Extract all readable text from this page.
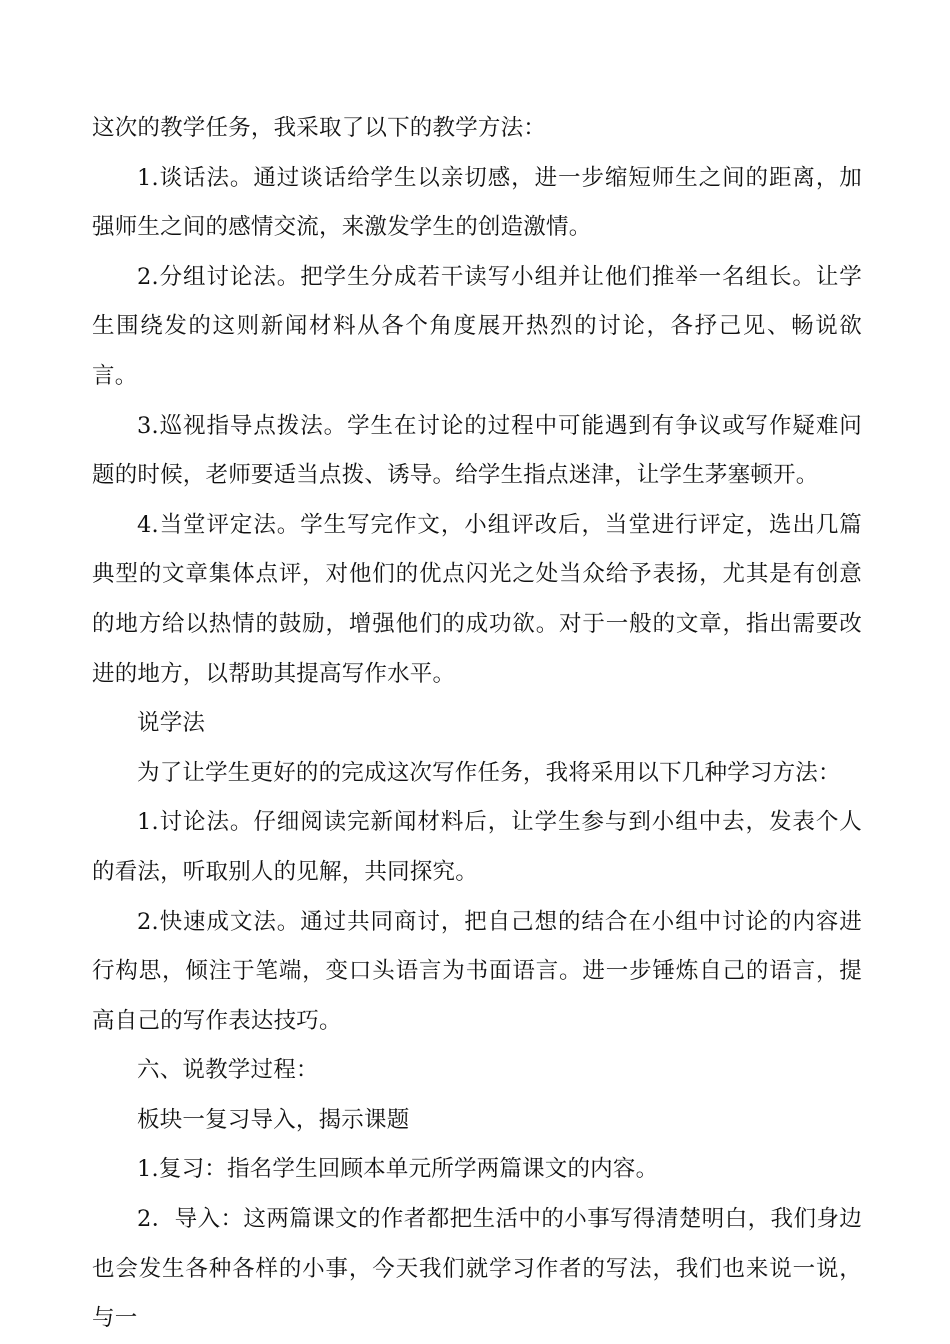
这次的教学任务，我采取了以下的教学方法：

1.谈话法。通过谈话给学生以亲切感，进一步缩短师生之间的距离，加强师生之间的感情交流，来激发学生的创造激情。

2.分组讨论法。把学生分成若干读写小组并让他们推举一名组长。让学生围绕发的这则新闻材料从各个角度展开热烈的讨论，各抒己见、畅说欲言。

3.巡视指导点拨法。学生在讨论的过程中可能遇到有争议或写作疑难问题的时候，老师要适当点拨、诱导。给学生指点迷津，让学生茅塞顿开。

4.当堂评定法。学生写完作文，小组评改后，当堂进行评定，选出几篇典型的文章集体点评，对他们的优点闪光之处当众给予表扬，尤其是有创意的地方给以热情的鼓励，增强他们的成功欲。对于一般的文章，指出需要改进的地方，以帮助其提高写作水平。

说学法

为了让学生更好的的完成这次写作任务，我将采用以下几种学习方法：

1.讨论法。仔细阅读完新闻材料后，让学生参与到小组中去，发表个人的看法，听取别人的见解，共同探究。

2.快速成文法。通过共同商讨，把自己想的结合在小组中讨论的内容进行构思，倾注于笔端，变口头语言为书面语言。进一步锤炼自己的语言，提高自己的写作表达技巧。

六、说教学过程：

板块一复习导入，揭示课题

1.复习：指名学生回顾本单元所学两篇课文的内容。

2．导入：这两篇课文的作者都把生活中的小事写得清楚明白，我们身边也会发生各种各样的小事，今天我们就学习作者的写法，我们也来说一说，与一
